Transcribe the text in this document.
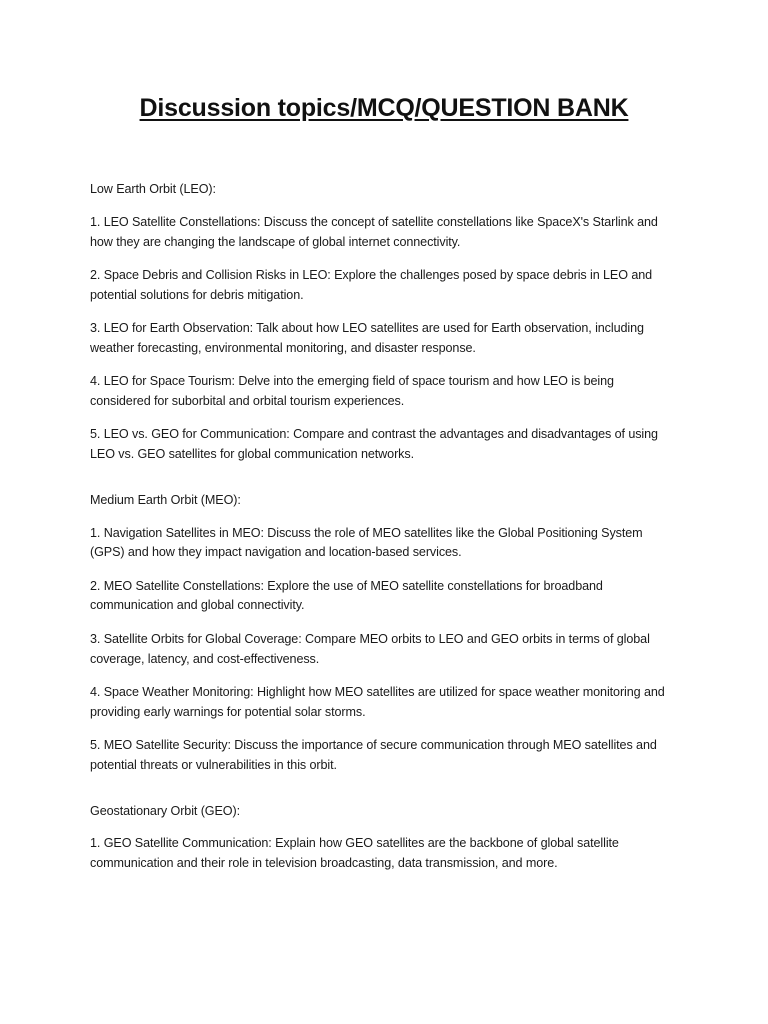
Discussion topics/MCQ/QUESTION BANK

Low Earth Orbit (LEO):

1. LEO Satellite Constellations: Discuss the concept of satellite constellations like SpaceX's Starlink and how they are changing the landscape of global internet connectivity.

2. Space Debris and Collision Risks in LEO: Explore the challenges posed by space debris in LEO and potential solutions for debris mitigation.

3. LEO for Earth Observation: Talk about how LEO satellites are used for Earth observation, including weather forecasting, environmental monitoring, and disaster response.

4. LEO for Space Tourism: Delve into the emerging field of space tourism and how LEO is being considered for suborbital and orbital tourism experiences.

5. LEO vs. GEO for Communication: Compare and contrast the advantages and disadvantages of using LEO vs. GEO satellites for global communication networks.

Medium Earth Orbit (MEO):

1. Navigation Satellites in MEO: Discuss the role of MEO satellites like the Global Positioning System (GPS) and how they impact navigation and location-based services.

2. MEO Satellite Constellations: Explore the use of MEO satellite constellations for broadband communication and global connectivity.

3. Satellite Orbits for Global Coverage: Compare MEO orbits to LEO and GEO orbits in terms of global coverage, latency, and cost-effectiveness.

4. Space Weather Monitoring: Highlight how MEO satellites are utilized for space weather monitoring and providing early warnings for potential solar storms.

5. MEO Satellite Security: Discuss the importance of secure communication through MEO satellites and potential threats or vulnerabilities in this orbit.

Geostationary Orbit (GEO):

1. GEO Satellite Communication: Explain how GEO satellites are the backbone of global satellite communication and their role in television broadcasting, data transmission, and more.
